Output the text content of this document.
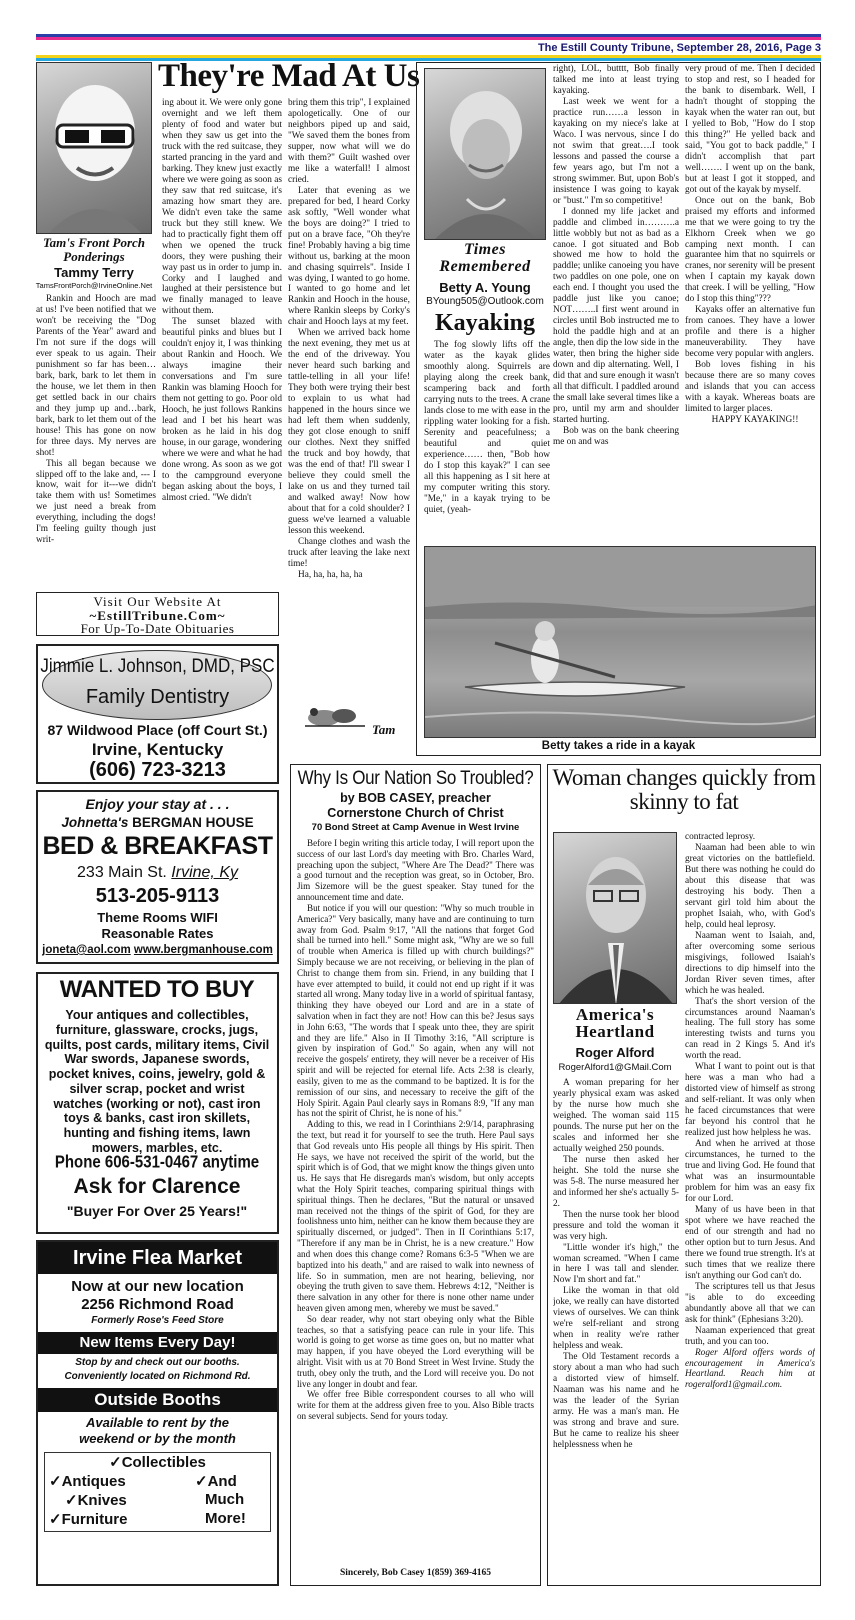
The Estill County Tribune, September 28, 2016, Page 3
Tam's Front Porch Ponderings
Tammy Terry
TamsFrontPorch@IrvineOnline.Net
They're Mad At Us

Rankin and Hooch are mad at us! I've been notified that we won't be receiving the "Dog Parents of the Year" award and I'm not sure if the dogs will ever speak to us again. Their punishment so far has been…bark, bark, bark to let them in the house, we let them in then get settled back in our chairs and they jump up and…bark, bark, bark to let them out of the house! This has gone on now for three days. My nerves are shot!

This all began because we slipped off to the lake and, --- I know, wait for it---we didn't take them with us! Sometimes we just need a break from everything, including the dogs! I'm feeling guilty though just writ-

ing about it. We were only gone overnight and we left them plenty of food and water but when they saw us get into the truck with the red suitcase, they started prancing in the yard and barking. They knew just exactly where we were going as soon as they saw that red suitcase, it's amazing how smart they are. We didn't even take the same truck but they still knew. We had to practically fight them off when we opened the truck doors, they were pushing their way past us in order to jump in. Corky and I laughed and laughed at their persistence but we finally managed to leave without them.

The sunset blazed with beautiful pinks and blues but I couldn't enjoy it, I was thinking about Rankin and Hooch. We always imagine their conversations and I'm sure Rankin was blaming Hooch for them not getting to go. Poor old Hooch, he just follows Rankins lead and I bet his heart was broken as he laid in his dog house, in our garage, wondering where we were and what he had done wrong. As soon as we got to the campground everyone began asking about the boys, I almost cried. "We didn't

bring them this trip", I explained apologetically. One of our neighbors piped up and said, "We saved them the bones from supper, now what will we do with them?" Guilt washed over me like a waterfall! I almost cried.

Later that evening as we prepared for bed, I heard Corky ask softly, "Well wonder what the boys are doing?" I tried to put on a brave face, "Oh they're fine! Probably having a big time without us, barking at the moon and chasing squirrels". Inside I was dying, I wanted to go home. I wanted to go home and let Rankin and Hooch in the house, where Rankin sleeps by Corky's chair and Hooch lays at my feet.

When we arrived back home the next evening, they met us at the end of the driveway. You never heard such barking and tattle-telling in all your life! They both were trying their best to explain to us what had happened in the hours since we had left them when suddenly, they got close enough to sniff our clothes. Next they sniffed the truck and boy howdy, that was the end of that! I'll swear I believe they could smell the lake on us and they turned tail and walked away! Now how about that for a cold shoulder? I guess we've learned a valuable lesson this weekend.

Change clothes and wash the truck after leaving the lake next time!

Ha, ha, ha, ha, ha

Tam
Visit Our Website At
~EstillTribune.Com~
For Up-To-Date Obituaries
Jimmie L. Johnson, DMD, PSC
Family Dentistry
87 Wildwood Place (off Court St.)
Irvine, Kentucky
(606) 723-3213
Enjoy your stay at . . .
Johnetta's BERGMAN HOUSE
BED & BREAKFAST
233 Main St. Irvine, Ky
513-205-9113
Theme Rooms WIFI
Reasonable Rates
joneta@aol.com www.bergmanhouse.com
WANTED TO BUY
Your antiques and collectibles, furniture, glassware, crocks, jugs, quilts, post cards, military items, Civil War swords, Japanese swords, pocket knives, coins, jewelry, gold & silver scrap, pocket and wrist watches (working or not), cast iron toys & banks, cast iron skillets, hunting and fishing items, lawn mowers, marbles, etc.
Phone 606-531-0467 anytime
Ask for Clarence
"Buyer For Over 25 Years!"
Irvine Flea Market
Now at our new location
2256 Richmond Road
Formerly Rose's Feed Store
New Items Every Day!
Stop by and check out our booths.
Conveniently located on Richmond Rd.
Outside Booths
Available to rent by the
weekend or by the month
✓Collectibles
✓Antiques	✓And
✓Knives	Much
✓Furniture	More!
Times Remembered
Betty A. Young
BYoung505@Outlook.com
Kayaking

The fog slowly lifts off the water as the kayak glides smoothly along. Squirrels are playing along the creek bank, scampering back and forth carrying nuts to the trees. A crane lands close to me with ease in the rippling water looking for a fish. Serenity and peacefulness; a beautiful and quiet experience…… then, "Bob how do I stop this kayak?" I can see all this happening as I sit here at my computer writing this story. "Me," in a kayak trying to be quiet, (yeah-

right), LOL, butttt, Bob finally talked me into at least trying kayaking.

Last week we went for a practice run……a lesson in kayaking on my niece's lake at Waco. I was nervous, since I do not swim that great….I took lessons and passed the course a few years ago, but I'm not a strong swimmer. But, upon Bob's insistence I was going to kayak or "bust." I'm so competitive!

I donned my life jacket and paddle and climbed in……….a little wobbly but not as bad as a canoe. I got situated and Bob showed me how to hold the paddle; unlike canoeing you have two paddles on one pole, one on each end. I thought you used the paddle just like you canoe; NOT……..I first went around in circles until Bob instructed me to hold the paddle high and at an angle, then dip the low side in the water, then bring the higher side down and dip alternating. Well, I did that and sure enough it wasn't all that difficult. I paddled around the small lake several times like a pro, until my arm and shoulder started hurting.

Bob was on the bank cheering me on and was

very proud of me. Then I decided to stop and rest, so I headed for the bank to disembark. Well, I hadn't thought of stopping the kayak when the water ran out, but I yelled to Bob, "How do I stop this thing?" He yelled back and said, "You got to back paddle," I didn't accomplish that part well……. I went up on the bank, but at least I got it stopped, and got out of the kayak by myself.

Once out on the bank, Bob praised my efforts and informed me that we were going to try the Elkhorn Creek when we go camping next month. I can guarantee him that no squirrels or cranes, nor serenity will be present when I captain my kayak down that creek. I will be yelling, "How do I stop this thing"???

Kayaks offer an alternative fun from canoes. They have a lower profile and there is a higher maneuverability. They have become very popular with anglers.

Bob loves fishing in his because there are so many coves and islands that you can access with a kayak. Whereas boats are limited to larger places.

HAPPY KAYAKING!!

Betty takes a ride in a kayak
Why Is Our Nation So Troubled?
by BOB CASEY, preacher
Cornerstone Church of Christ
70 Bond Street at Camp Avenue in West Irvine

Before I begin writing this article today, I will report upon the success of our last Lord's day meeting with Bro. Charles Ward, preaching upon the subject, "Where Are The Dead?" There was a good turnout and the reception was great, so in October, Bro. Jim Sizemore will be the guest speaker. Stay tuned for the announcement time and date.

But notice if you will our question: "Why so much trouble in America?" Very basically, many have and are continuing to turn away from God. Psalm 9:17, "All the nations that forget God shall be turned into hell." Some might ask, "Why are we so full of trouble when America is filled up with church buildings?" Simply because we are not receiving, or believing in the plan of Christ to change them from sin. Friend, in any building that I have ever attempted to build, it could not end up right if it was started all wrong. Many today live in a world of spiritual fantasy, thinking they have obeyed our Lord and are in a state of salvation when in fact they are not! How can this be? Jesus says in John 6:63, "The words that I speak unto thee, they are spirit and they are life." Also in II Timothy 3:16, "All scripture is given by inspiration of God." So again, when any will not receive the gospels' entirety, they will never be a receiver of His spirit and will be rejected for eternal life. Acts 2:38 is clearly, easily, given to me as the command to be baptized. It is for the remission of our sins, and necessary to receive the gift of the Holy Spirit. Again Paul clearly says in Romans 8:9, "If any man has not the spirit of Christ, he is none of his."

Adding to this, we read in I Corinthians 2:9/14, paraphrasing the text, but read it for yourself to see the truth. Here Paul says that God reveals unto His people all things by His spirit. Then He says, we have not received the spirit of the world, but the spirit which is of God, that we might know the things given unto us. He says that He disregards man's wisdom, but only accepts what the Holy Spirit teaches, comparing spiritual things with spiritual things. Then he declares, "But the natural or unsaved man received not the things of the spirit of God, for they are foolishness unto him, neither can he know them because they are spiritually discerned, or judged". Then in II Corinthians 5:17, "Therefore if any man be in Christ, he is a new creature." How and when does this change come? Romans 6:3-5 "When we are baptized into his death," and are raised to walk into newness of life. So in summation, men are not hearing, believing, nor obeying the truth given to save them. Hebrews 4:12, "Neither is there salvation in any other for there is none other name under heaven given among men, whereby we must be saved."

So dear reader, why not start obeying only what the Bible teaches, so that a satisfying peace can rule in your life. This world is going to get worse as time goes on, but no matter what may happen, if you have obeyed the Lord everything will be alright. Visit with us at 70 Bond Street in West Irvine. Study the truth, obey only the truth, and the Lord will receive you. Do not live any longer in doubt and fear.

We offer free Bible correspondent courses to all who will write for them at the address given free to you. Also Bible tracts on several subjects. Send for yours today.

Sincerely, Bob Casey 1(859) 369-4165
Woman changes quickly from skinny to fat
America's Heartland
Roger Alford
RogerAlford1@GMail.Com

A woman preparing for her yearly physical exam was asked by the nurse how much she weighed. The woman said 115 pounds. The nurse put her on the scales and informed her she actually weighed 250 pounds.

The nurse then asked her height. She told the nurse she was 5-8. The nurse measured her and informed her she's actually 5-2.

Then the nurse took her blood pressure and told the woman it was very high.

"Little wonder it's high," the woman screamed. "When I came in here I was tall and slender. Now I'm short and fat."

Like the woman in that old joke, we really can have distorted views of ourselves. We can think we're self-reliant and strong when in reality we're rather helpless and weak.

The Old Testament records a story about a man who had such a distorted view of himself. Naaman was his name and he was the leader of the Syrian army. He was a man's man. He was strong and brave and sure. But he came to realize his sheer helplessness when he

contracted leprosy.

Naaman had been able to win great victories on the battlefield. But there was nothing he could do about this disease that was destroying his body. Then a servant girl told him about the prophet Isaiah, who, with God's help, could heal leprosy.

Naaman went to Isaiah, and, after overcoming some serious misgivings, followed Isaiah's directions to dip himself into the Jordan River seven times, after which he was healed.

That's the short version of the circumstances around Naaman's healing. The full story has some interesting twists and turns you can read in 2 Kings 5. And it's worth the read.

What I want to point out is that here was a man who had a distorted view of himself as strong and self-reliant. It was only when he faced circumstances that were far beyond his control that he realized just how helpless he was.

And when he arrived at those circumstances, he turned to the true and living God. He found that what was an insurmountable problem for him was an easy fix for our Lord.

Many of us have been in that spot where we have reached the end of our strength and had no other option but to turn Jesus. And there we found true strength. It's at such times that we realize there isn't anything our God can't do.

The scriptures tell us that Jesus "is able to do exceeding abundantly above all that we can ask for think" (Ephesians 3:20).

Naaman experienced that great truth, and you can too.

Roger Alford offers words of encouragement in America's Heartland. Reach him at rogeralford1@gmail.com.
